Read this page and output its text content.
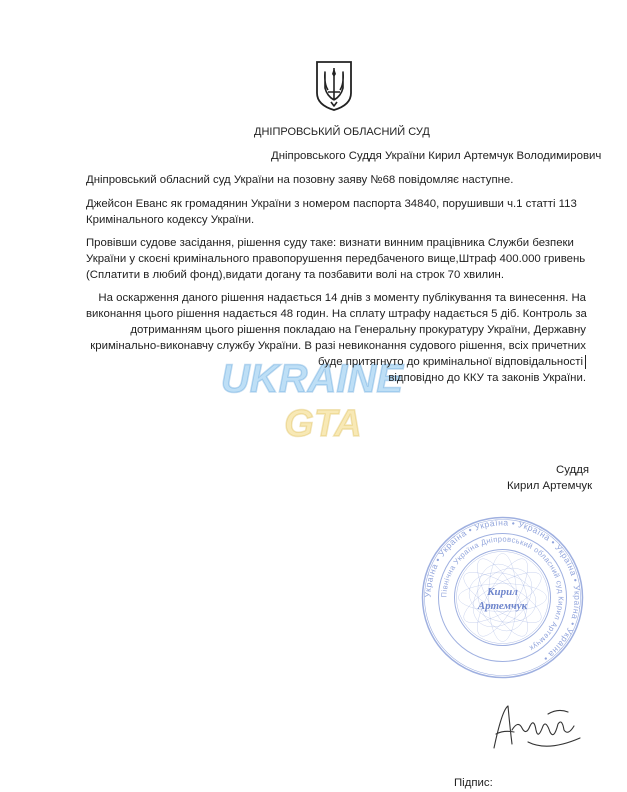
ДНІПРОВСЬКИЙ ОБЛАСНИЙ СУД
Дніпровського Суддя України Кирил Артемчук Володимирович
Дніпровський обласний суд України на позовну заяву №68 повідомляє наступне.
Джейсон Еванс як громадянин України з номером паспорта 34840, порушивши ч.1 статті 113
Кримінального кодексу України.
Провівши судове засідання, рішення суду таке: визнати винним працівника Служби безпеки
України у скоєні кримінального правопорушення передбаченого вище,Штраф 400.000 гривень
(Сплатити в любий фонд),видати догану та позбавити волі на строк 70 хвилин.
UKRAINE
GTA
На оскарження даного рішення надається 14 днів з моменту публікування та винесення. На
виконання цього рішення надається 48 годин. На сплату штрафу надається 5 діб. Контроль за
дотриманням цього рішення покладаю на Генеральну прокуратуру України, Державну
кримінально-виконавчу службу України. В разі невиконання судового рішення, всіх причетних
буде притягнуто до кримінальної відповідальності
відповідно до ККУ та законів України.
Суддя
Кирил Артемчук
Україна • Україна • Україна • Україна • Україна • Україна • Україна •
Північна Україна Дніпровський обласний суд Кирил Артемчук
Кирил
Артемчук
Підпис:
